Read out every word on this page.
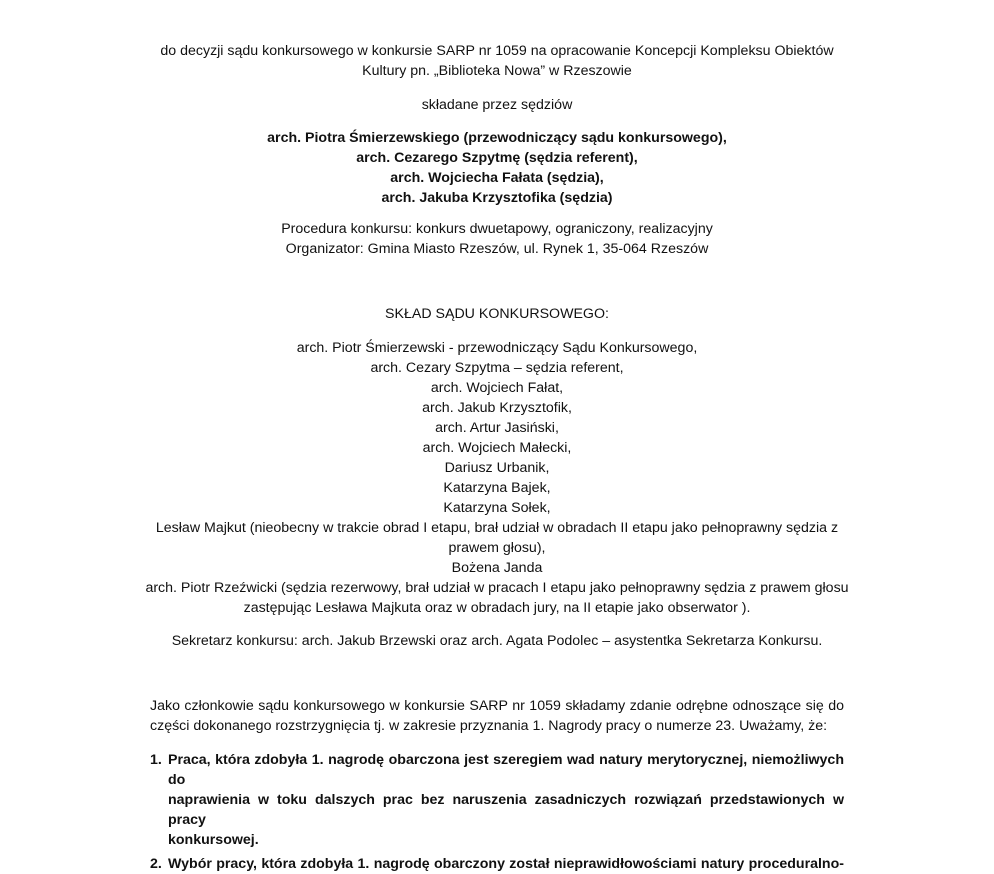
do decyzji sądu konkursowego w konkursie SARP nr 1059 na opracowanie Koncepcji Kompleksu Obiektów
Kultury pn. „Biblioteka Nowa” w Rzeszowie
składane przez sędziów
arch. Piotra Śmierzewskiego (przewodniczący sądu konkursowego),
arch. Cezarego Szpytmę (sędzia referent),
arch. Wojciecha Fałata (sędzia),
arch. Jakuba Krzysztofika (sędzia)
Procedura konkursu: konkurs dwuetapowy, ograniczony, realizacyjny
Organizator: Gmina Miasto Rzeszów, ul. Rynek 1, 35-064 Rzeszów
SKŁAD SĄDU KONKURSOWEGO:
arch. Piotr Śmierzewski - przewodniczący Sądu Konkursowego,
arch. Cezary Szpytma – sędzia referent,
arch. Wojciech Fałat,
arch. Jakub Krzysztofik,
arch. Artur Jasiński,
arch. Wojciech Małecki,
Dariusz Urbanik,
Katarzyna Bajek,
Katarzyna Sołek,
Lesław Majkut (nieobecny w trakcie obrad I etapu, brał udział w obradach II etapu jako pełnoprawny sędzia z
prawem głosu),
Bożena Janda
arch. Piotr Rzeźwicki (sędzia rezerwowy, brał udział w pracach I etapu jako pełnoprawny sędzia z prawem głosu
zastępując Lesława Majkuta oraz w obradach jury, na II etapie jako obserwator ).
Sekretarz konkursu: arch. Jakub Brzewski oraz arch. Agata Podolec – asystentka Sekretarza Konkursu.
Jako członkowie sądu konkursowego w konkursie SARP nr 1059 składamy zdanie odrębne odnoszące się do
części dokonanego rozstrzygnięcia tj. w zakresie przyznania 1. Nagrody pracy o numerze 23. Uważamy, że:
1. Praca, która zdobyła 1. nagrodę obarczona jest szeregiem wad natury merytorycznej, niemożliwych do
naprawienia w toku dalszych prac bez naruszenia zasadniczych rozwiązań przedstawionych w pracy
konkursowej.
2. Wybór pracy, która zdobyła 1. nagrodę obarczony został nieprawidłowościami natury proceduralno-
